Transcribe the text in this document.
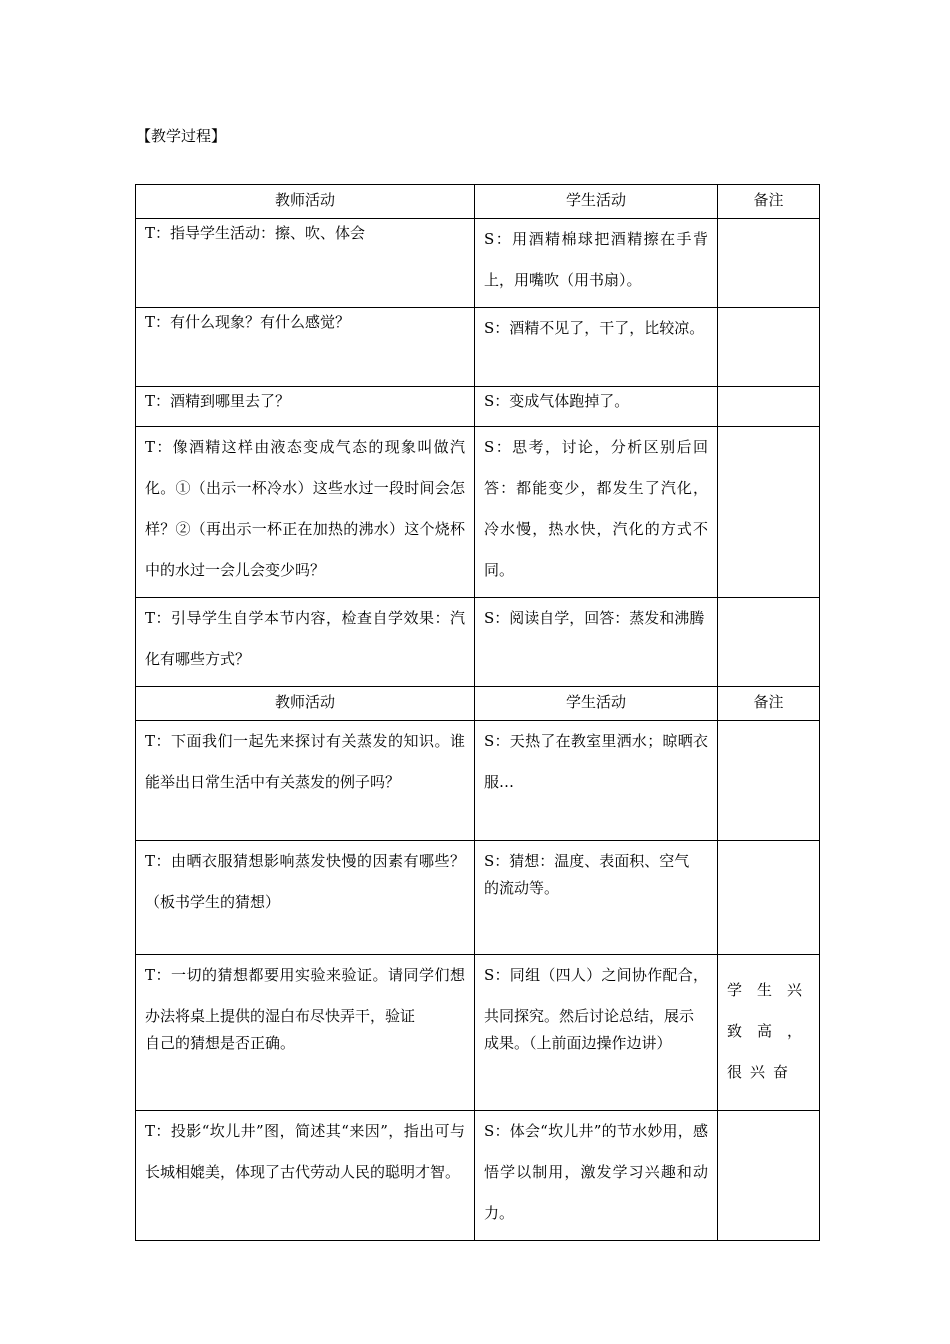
【教学过程】
教师活动	学生活动	备注
T：指导学生活动：擦、吹、体会	S：用酒精棉球把酒精擦在手背上，用嘴吹（用书扇）。	
T：有什么现象？有什么感觉？	S：酒精不见了，干了，比较凉。	
T：酒精到哪里去了？	S：变成气体跑掉了。	
T：像酒精这样由液态变成气态的现象叫做汽化。①（出示一杯冷水）这些水过一段时间会怎样？②（再出示一杯正在加热的沸水）这个烧杯中的水过一会儿会变少吗？	S：思考，讨论，分析区别后回答：都能变少，都发生了汽化，冷水慢，热水快，汽化的方式不同。	
T：引导学生自学本节内容，检查自学效果：汽化有哪些方式？	S：阅读自学，回答：蒸发和沸腾	
教师活动	学生活动	备注
T：下面我们一起先来探讨有关蒸发的知识。谁能举出日常生活中有关蒸发的例子吗？	S：天热了在教室里洒水；晾晒衣服…	
T：由晒衣服猜想影响蒸发快慢的因素有哪些？（板书学生的猜想）	S：猜想：温度、表面积、空气
的流动等。	

T：一切的猜想都要用实验来验证。请同学们想办法将桌上提供的湿白布尽快弄干，验证
自己的猜想是否正确。	S：同组（四人）之间协作配合，共同探究。然后讨论总结，展示
成果。（上前面边操作边讲）	学生兴致高，很兴奋
T：投影“坎儿井”图，简述其“来因”，指出可与长城相媲美，体现了古代劳动人民的聪明才智。	S：体会“坎儿井”的节水妙用，感悟学以制用，激发学习兴趣和动力。	
